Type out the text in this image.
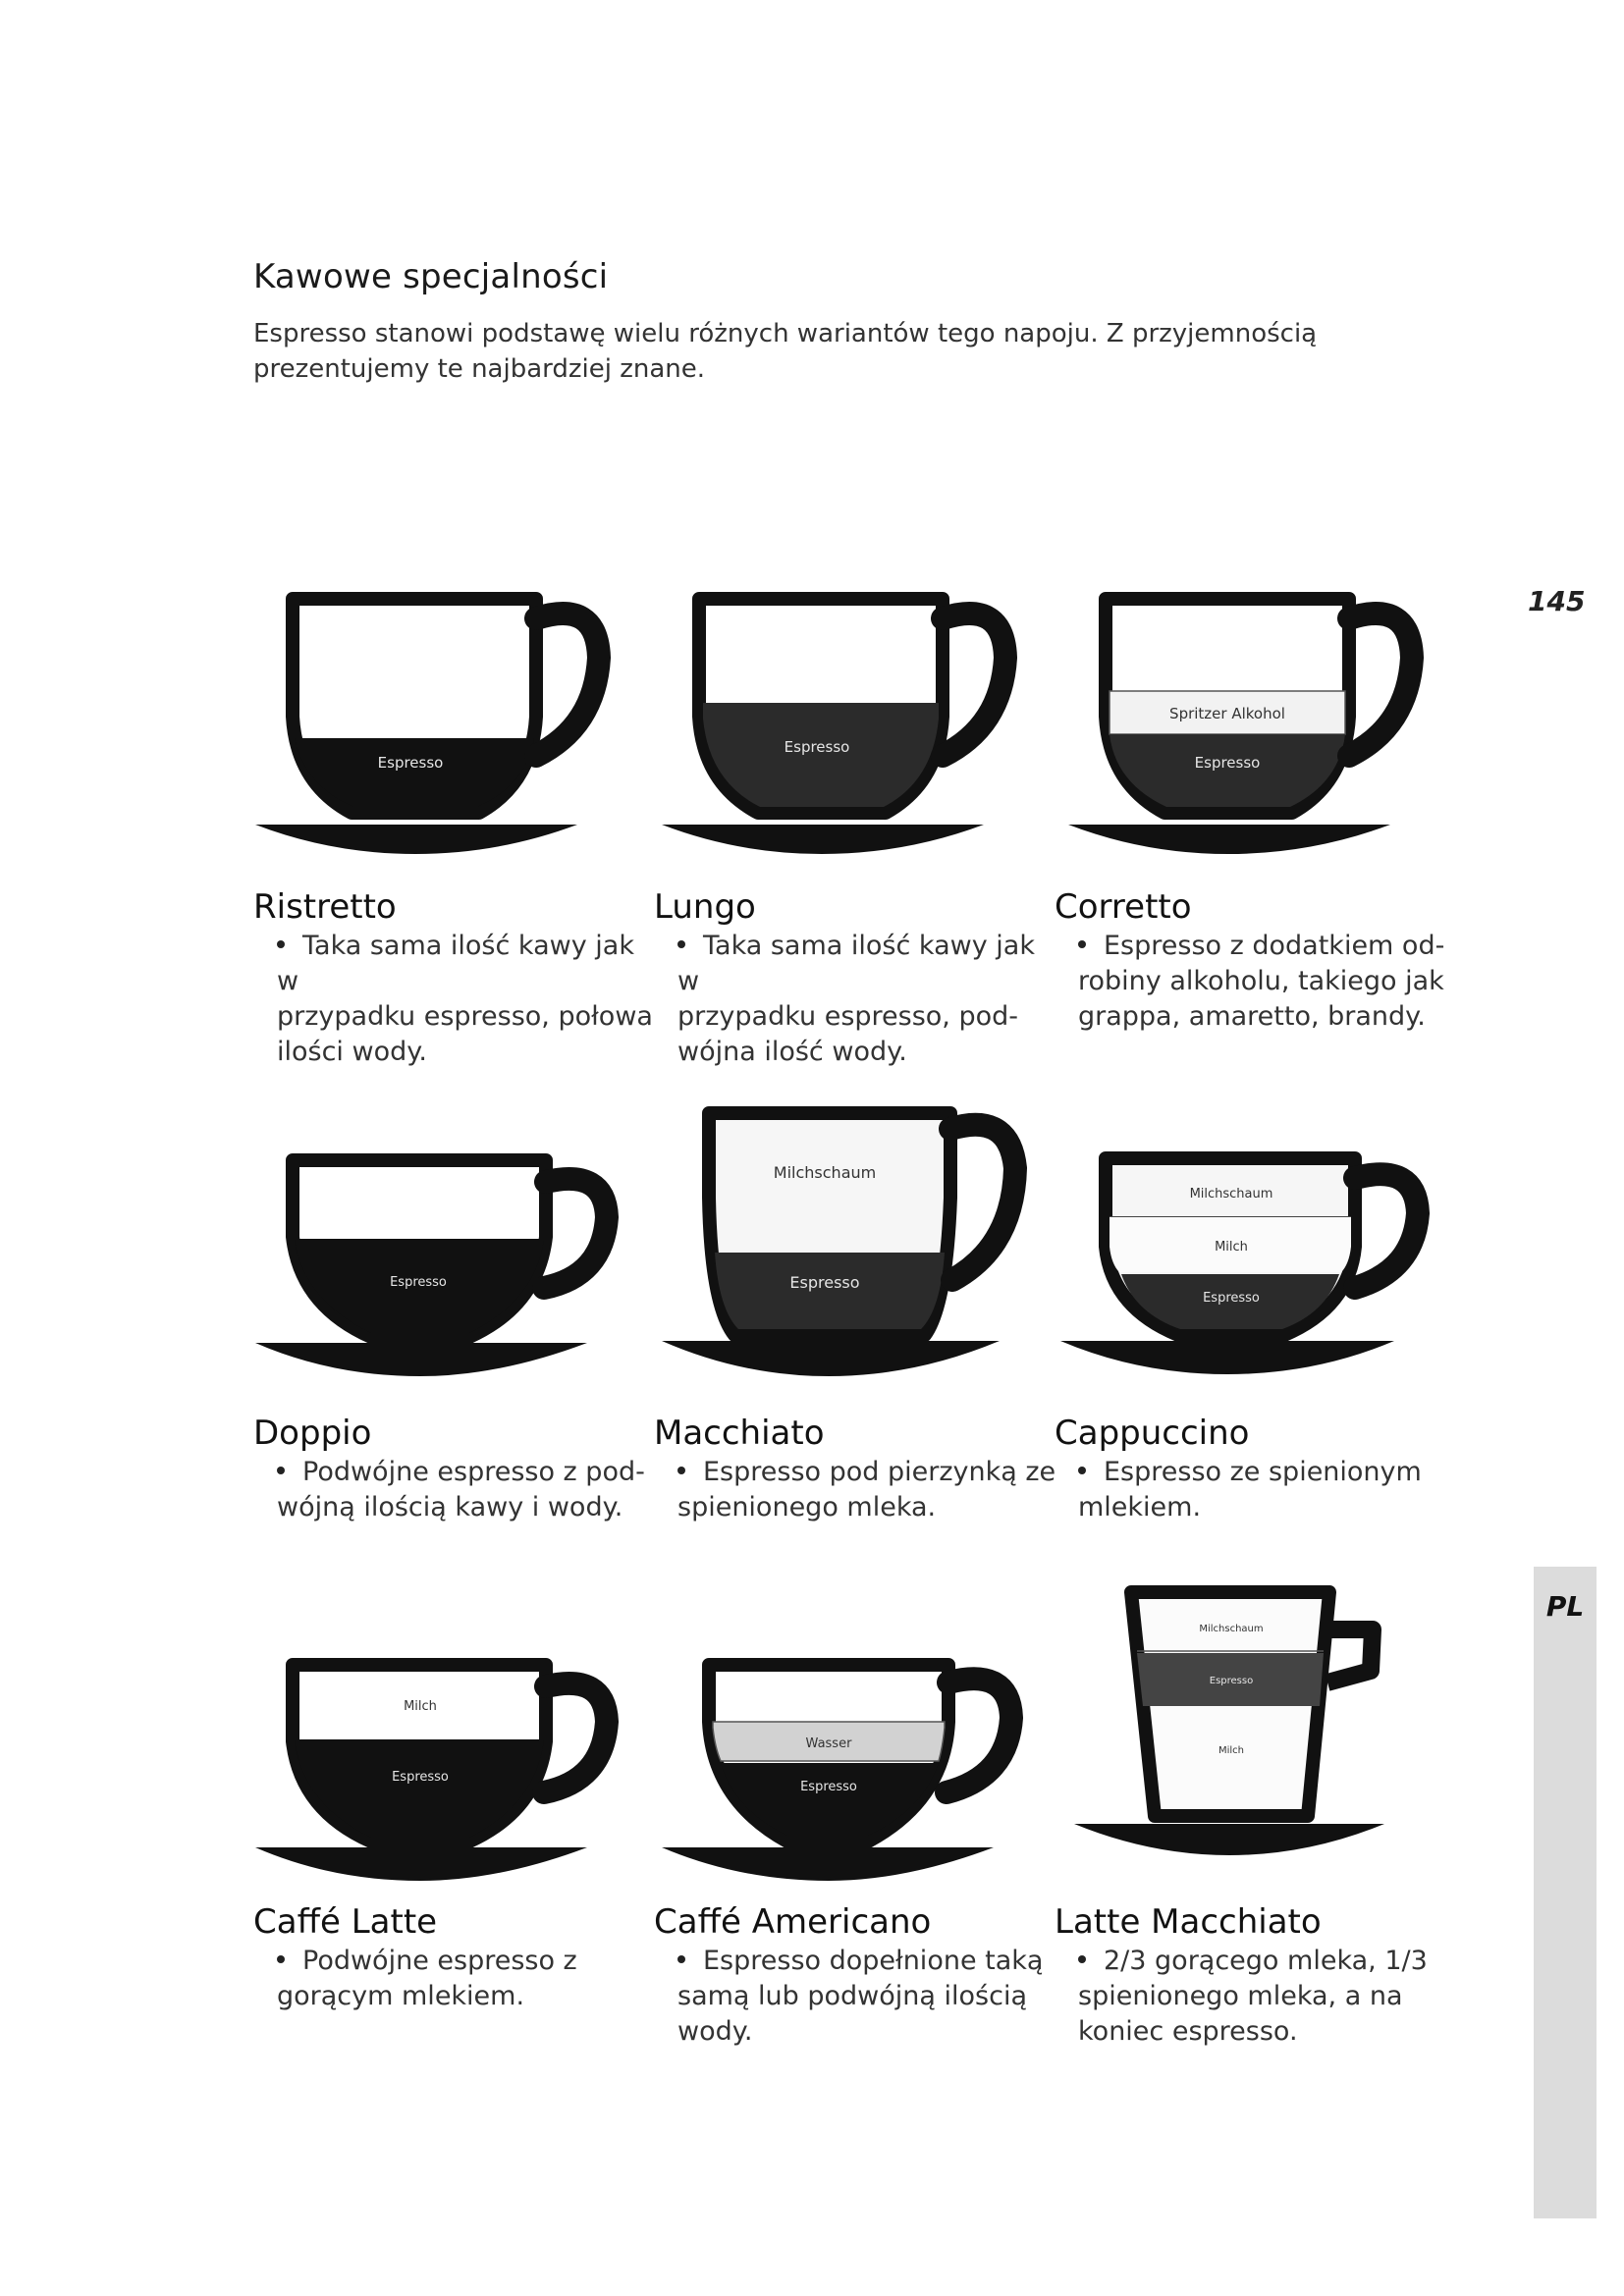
Kawowe specjalności

Espresso stanowi podstawę wielu różnych wariantów tego napoju. Z przyjemnością prezentujemy te najbardziej znane.

145
PL
Espresso
Espresso
Spritzer Alkohol
Espresso
Ristretto
Taka sama ilość kawy jak w
przypadku espresso, połowa
ilości wody.
Lungo
Taka sama ilość kawy jak w
przypadku espresso, pod-
wójna ilość wody.
Corretto
Espresso z dodatkiem od-
robiny alkoholu, takiego jak
grappa, amaretto, brandy.
Espresso
Milchschaum
Espresso
Milchschaum
Milch
Espresso
Doppio
Podwójne espresso z pod-
wójną ilością kawy i wody.
Macchiato
Espresso pod pierzynką ze
spienionego mleka.
Cappuccino
Espresso ze spienionym
mlekiem.
Milch
Espresso
Wasser
Espresso
Milchschaum
Espresso
Milch
Caffé Latte
Podwójne espresso z
gorącym mlekiem.
Caffé Americano
Espresso dopełnione taką
samą lub podwójną ilością
wody.
Latte Macchiato
2/3 gorącego mleka, 1/3
spienionego mleka, a na
koniec espresso.
